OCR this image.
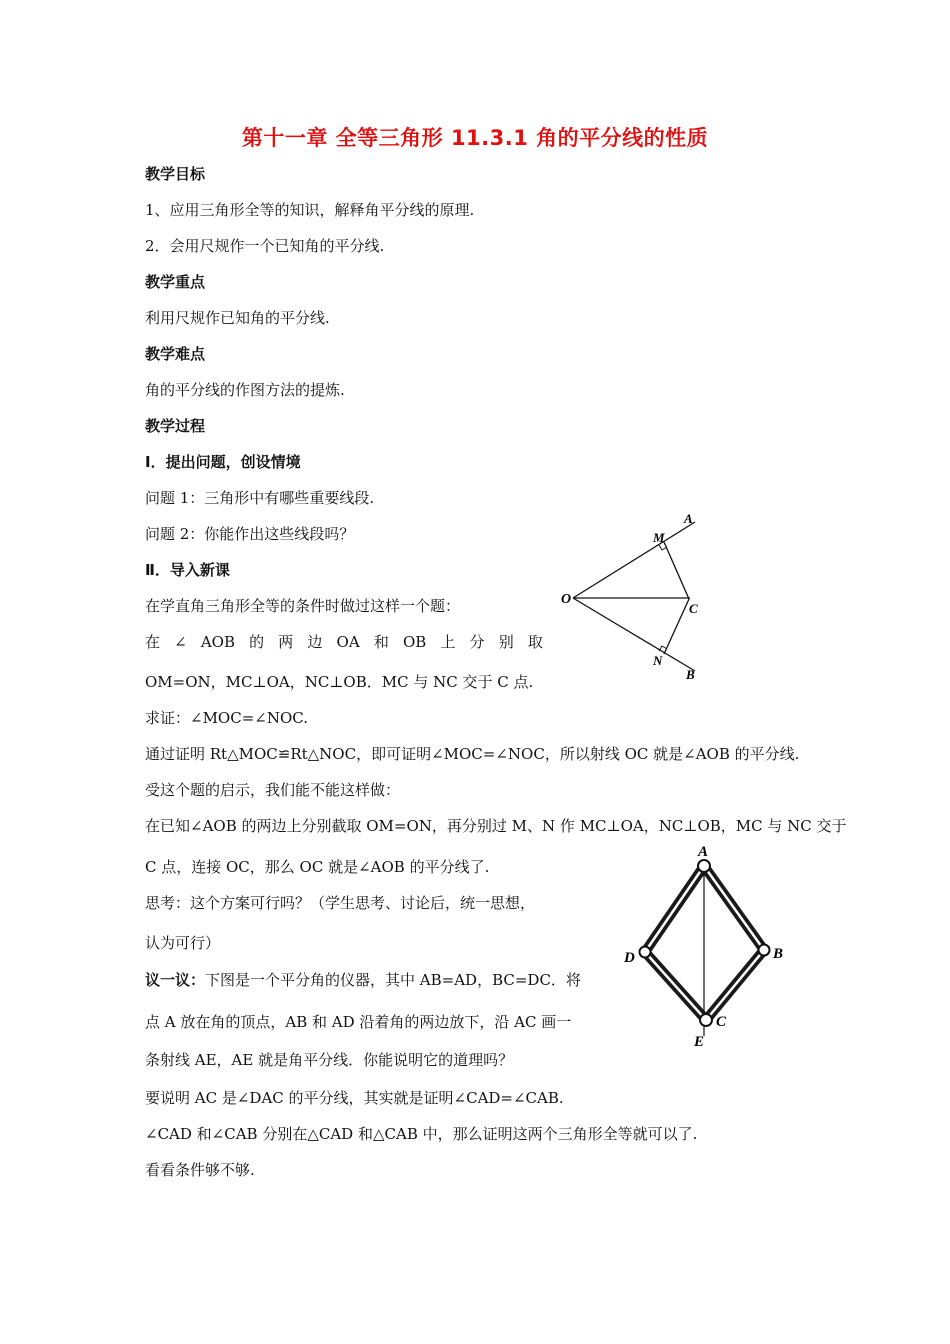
第十一章 全等三角形 11.3.1 角的平分线的性质
教学目标
1、应用三角形全等的知识，解释角平分线的原理.
2．会用尺规作一个已知角的平分线.
教学重点
利用尺规作已知角的平分线.
教学难点
角的平分线的作图方法的提炼.
教学过程
Ⅰ．提出问题，创设情境
问题 1：三角形中有哪些重要线段.
问题 2：你能作出这些线段吗？
Ⅱ．导入新课
在学直角三角形全等的条件时做过这样一个题：
在 ∠ AOB 的 两 边 OA 和 OB 上 分 别 取
OM=ON，MC⊥OA，NC⊥OB．MC 与 NC 交于 C 点.
求证：∠MOC=∠NOC.
通过证明 Rt△MOC≌Rt△NOC，即可证明∠MOC=∠NOC，所以射线 OC 就是∠AOB 的平分线.
受这个题的启示，我们能不能这样做：
在已知∠AOB 的两边上分别截取 OM=ON，再分别过 M、N 作 MC⊥OA，NC⊥OB，MC 与 NC 交于
C 点，连接 OC，那么 OC 就是∠AOB 的平分线了.
思考：这个方案可行吗？（学生思考、讨论后，统一思想，
认为可行）
议一议：下图是一个平分角的仪器，其中 AB=AD，BC=DC．将
点 A 放在角的顶点，AB 和 AD 沿着角的两边放下，沿 AC 画一
条射线 AE，AE 就是角平分线．你能说明它的道理吗？
要说明 AC 是∠DAC 的平分线，其实就是证明∠CAD=∠CAB.
∠CAD 和∠CAB 分别在△CAD 和△CAB 中，那么证明这两个三角形全等就可以了.
看看条件够不够.
O
M
A
C
N
B
A
D	B
C
E
